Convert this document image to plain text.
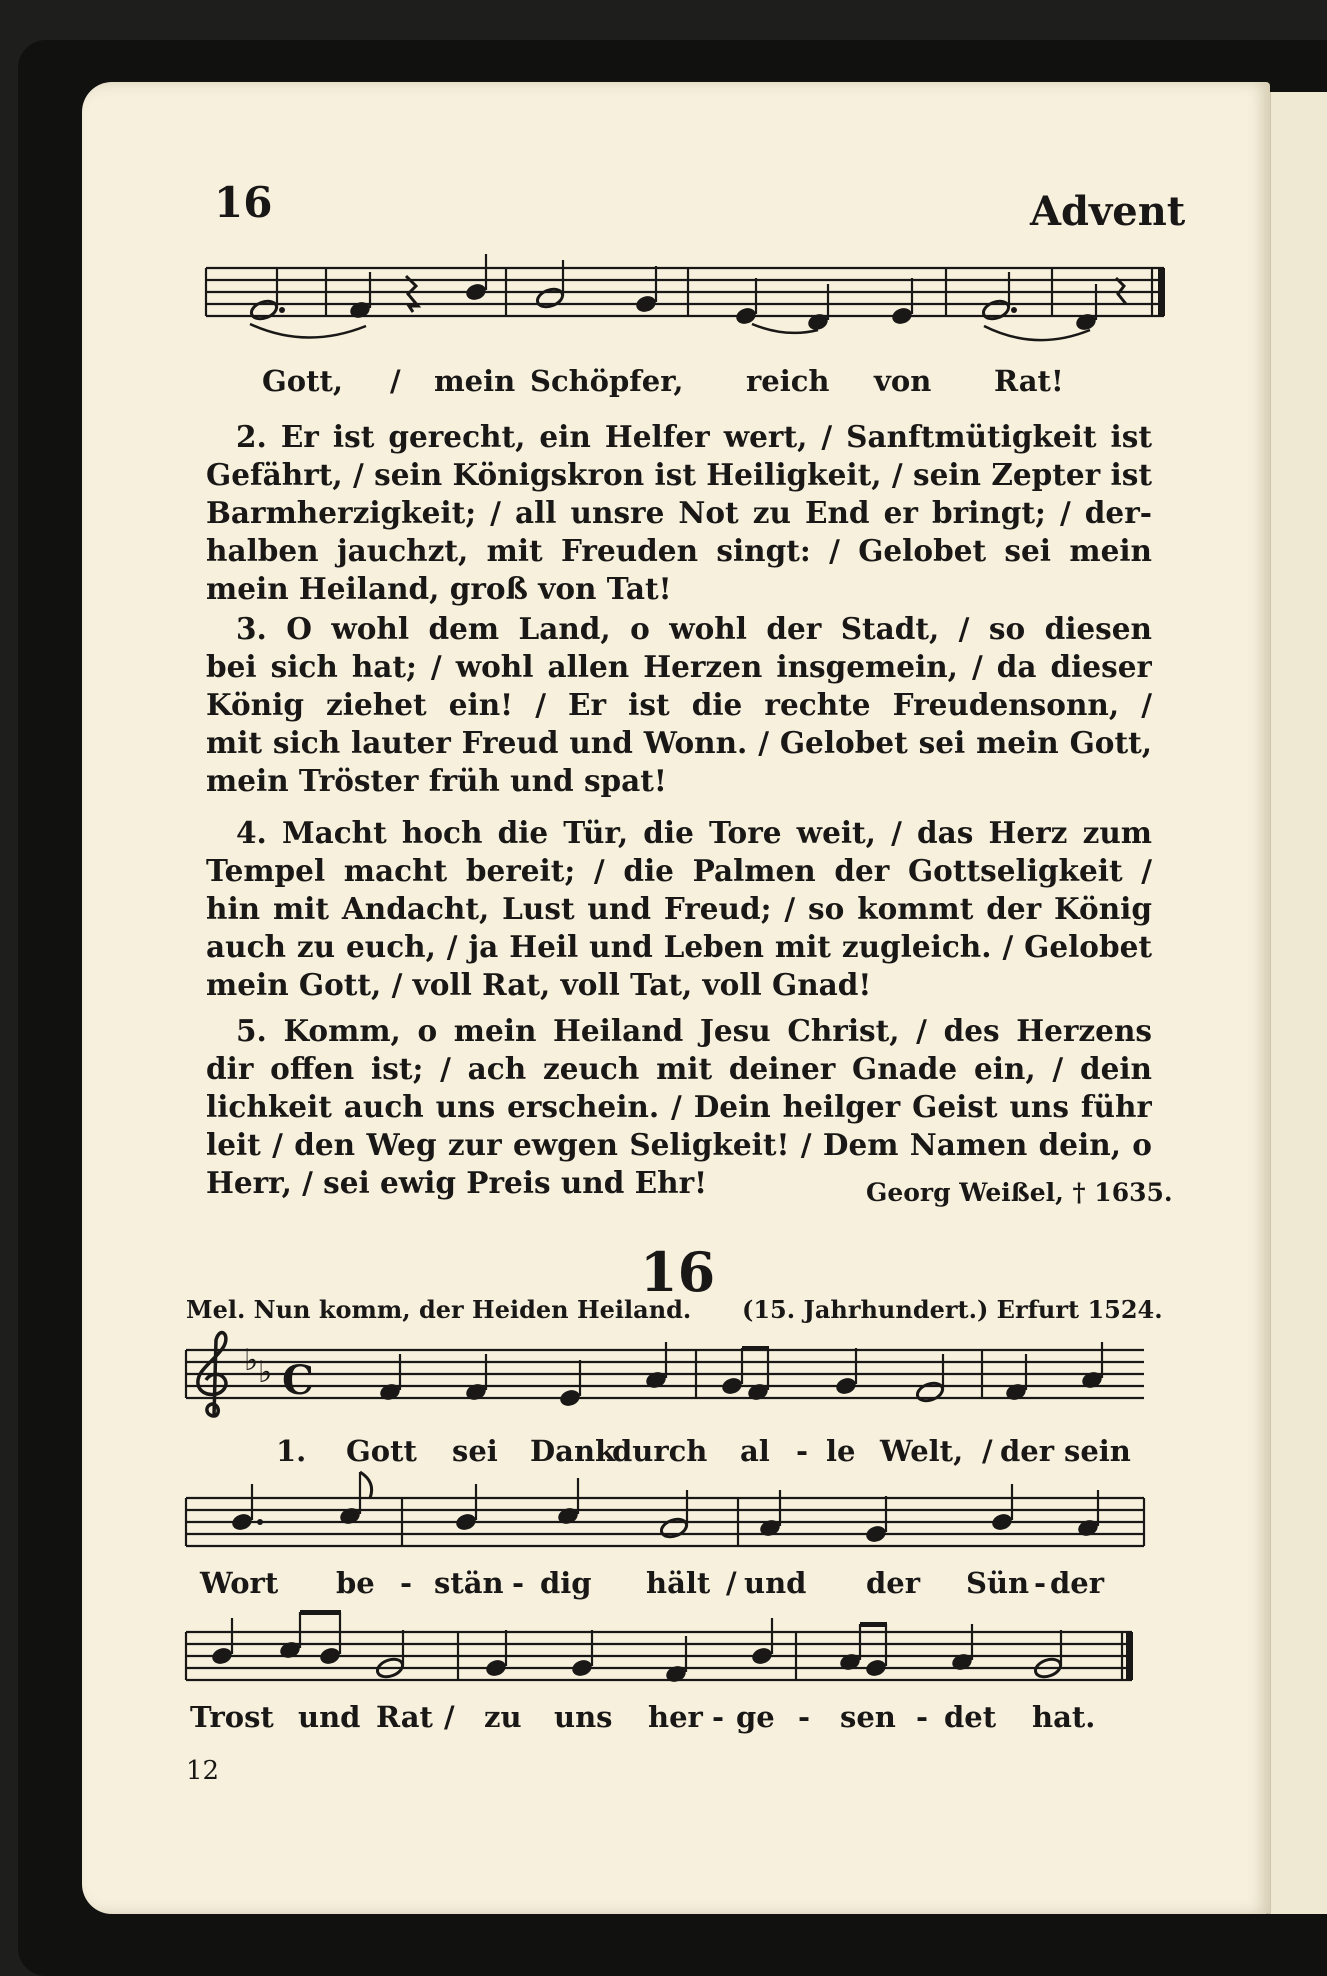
16	Advent
Gott, / mein Schöpfer, reich von Rat!
2. Er ist gerecht, ein Helfer wert, / Sanftmütigkeit ist
Gefährt, / sein Königskron ist Heiligkeit, / sein Zepter ist
Barmherzigkeit; / all unsre Not zu End er bringt; / der-
halben jauchzt, mit Freuden singt: / Gelobet sei mein
mein Heiland, groß von Tat!
3. O wohl dem Land, o wohl der Stadt, / so diesen
bei sich hat; / wohl allen Herzen insgemein, / da dieser
König ziehet ein! / Er ist die rechte Freudensonn, /
mit sich lauter Freud und Wonn. / Gelobet sei mein Gott,
mein Tröster früh und spat!
4. Macht hoch die Tür, die Tore weit, / das Herz zum
Tempel macht bereit; / die Palmen der Gottseligkeit /
hin mit Andacht, Lust und Freud; / so kommt der König
auch zu euch, / ja Heil und Leben mit zugleich. / Gelobet
mein Gott, / voll Rat, voll Tat, voll Gnad!
5. Komm, o mein Heiland Jesu Christ, / des Herzens
dir offen ist; / ach zeuch mit deiner Gnade ein, / dein
lichkeit auch uns erschein. / Dein heilger Geist uns führ
leit / den Weg zur ewgen Seligkeit! / Dem Namen dein, o
Herr, / sei ewig Preis und Ehr!	Georg Weißel, † 1635.
16
Mel. Nun komm, der Heiden Heiland. (15. Jahrhundert.) Erfurt 1524.
♭ ♭ C
1. Gott sei Dank
durch al - le Welt, / der sein
Wort be - stän - dig hält / und der Sün - der
Trost und Rat / zu uns her - ge - sen - det hat.
12
